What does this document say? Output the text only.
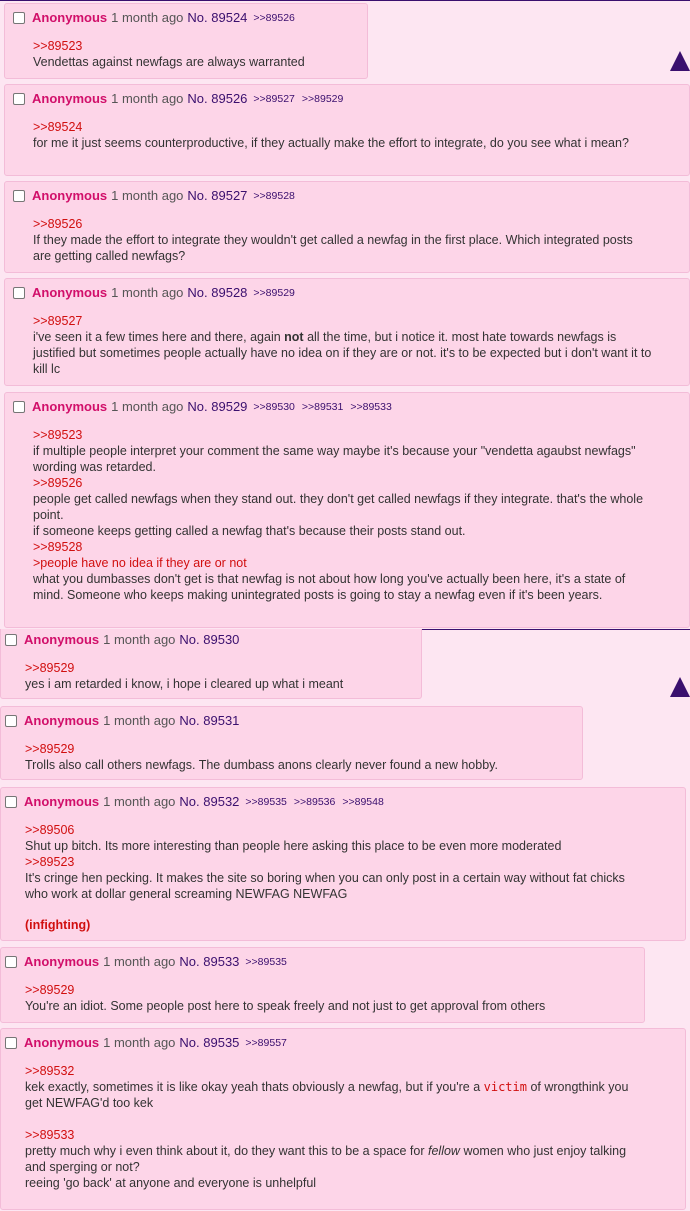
Anonymous 1 month ago No. 89529 >>89530 >>89531 >>89533
>>89523
if multiple people interpret your comment the same way maybe it's because your "vendetta agaubst newfags" wording was retarded.
>>89526
people get called newfags when they stand out. they don't get called newfags if they integrate. that's the whole point.
if someone keeps getting called a newfag that's because their posts stand out.
>>89528
>people have no idea if they are or not
what you dumbasses don't get is that newfag is not about how long you've actually been here, it's a state of mind. Someone who keeps making unintegrated posts is going to stay a newfag even if it's been years.
Anonymous 1 month ago No. 89528 >>89529
>>89527
i've seen it a few times here and there, again not all the time, but i notice it. most hate towards newfags is justified but sometimes people actually have no idea on if they are or not. it's to be expected but i don't want it to kill lc
Anonymous 1 month ago No. 89527 >>89528
>>89526
If they made the effort to integrate they wouldn't get called a newfag in the first place. Which integrated posts are getting called newfags?
Anonymous 1 month ago No. 89526 >>89527 >>89529
>>89524
for me it just seems counterproductive, if they actually make the effort to integrate, do you see what i mean?
Anonymous 1 month ago No. 89524 >>89526
>>89523
Vendettas against newfags are always warranted
Anonymous 1 month ago No. 89535 >>89557
>>89532
kek exactly, sometimes it is like okay yeah thats obviously a newfag, but if you're a victim of wrongthink you get NEWFAG'd too kek
>>89533
pretty much why i even think about it, do they want this to be a space for fellow women who just enjoy talking and sperging or not?
reeing 'go back' at anyone and everyone is unhelpful
Anonymous 1 month ago No. 89533 >>89535
>>89529
You're an idiot. Some people post here to speak freely and not just to get approval from others
Anonymous 1 month ago No. 89532 >>89535 >>89536 >>89548
>>89506
Shut up bitch. Its more interesting than people here asking this place to be even more moderated
>>89523
It's cringe hen pecking. It makes the site so boring when you can only post in a certain way without fat chicks who work at dollar general screaming NEWFAG NEWFAG
(infighting)
Anonymous 1 month ago No. 89531
>>89529
Trolls also call others newfags. The dumbass anons clearly never found a new hobby.
Anonymous 1 month ago No. 89530
>>89529
yes i am retarded i know, i hope i cleared up what i meant
